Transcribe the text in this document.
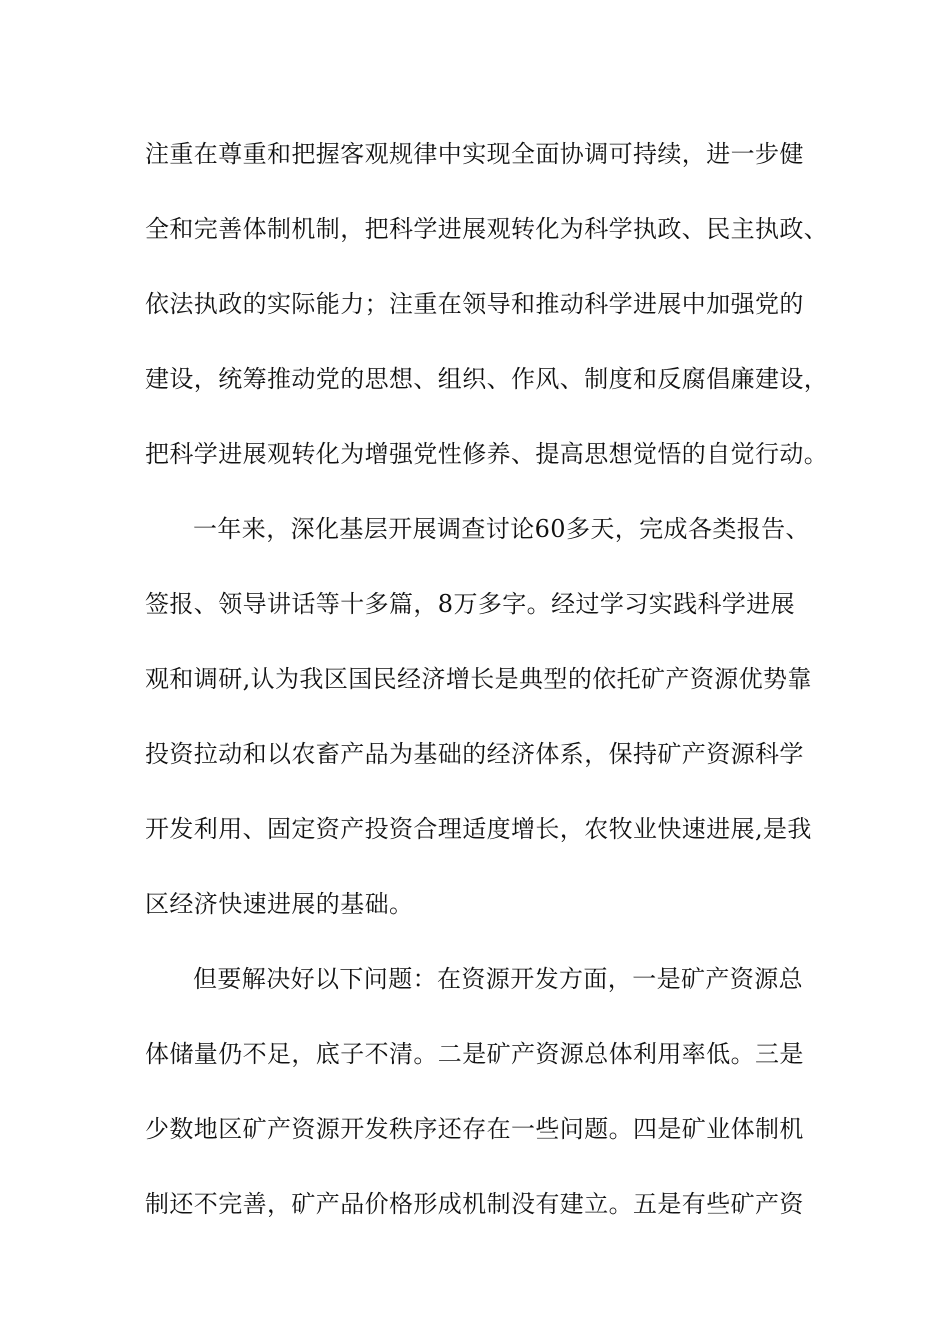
注重在尊重和把握客观规律中实现全面协调可持续，进一步健
全和完善体制机制，把科学进展观转化为科学执政、民主执政、
依法执政的实际能力；注重在领导和推动科学进展中加强党的
建设，统筹推动党的思想、组织、作风、制度和反腐倡廉建设，
把科学进展观转化为增强党性修养、提高思想觉悟的自觉行动。
一年来，深化基层开展调查讨论60多天，完成各类报告、
签报、领导讲话等十多篇，8万多字。经过学习实践科学进展
观和调研,认为我区国民经济增长是典型的依托矿产资源优势靠
投资拉动和以农畜产品为基础的经济体系，保持矿产资源科学
开发利用、固定资产投资合理适度增长，农牧业快速进展,是我
区经济快速进展的基础。
但要解决好以下问题：在资源开发方面，一是矿产资源总
体储量仍不足，底子不清。二是矿产资源总体利用率低。三是
少数地区矿产资源开发秩序还存在一些问题。四是矿业体制机
制还不完善，矿产品价格形成机制没有建立。五是有些矿产资
